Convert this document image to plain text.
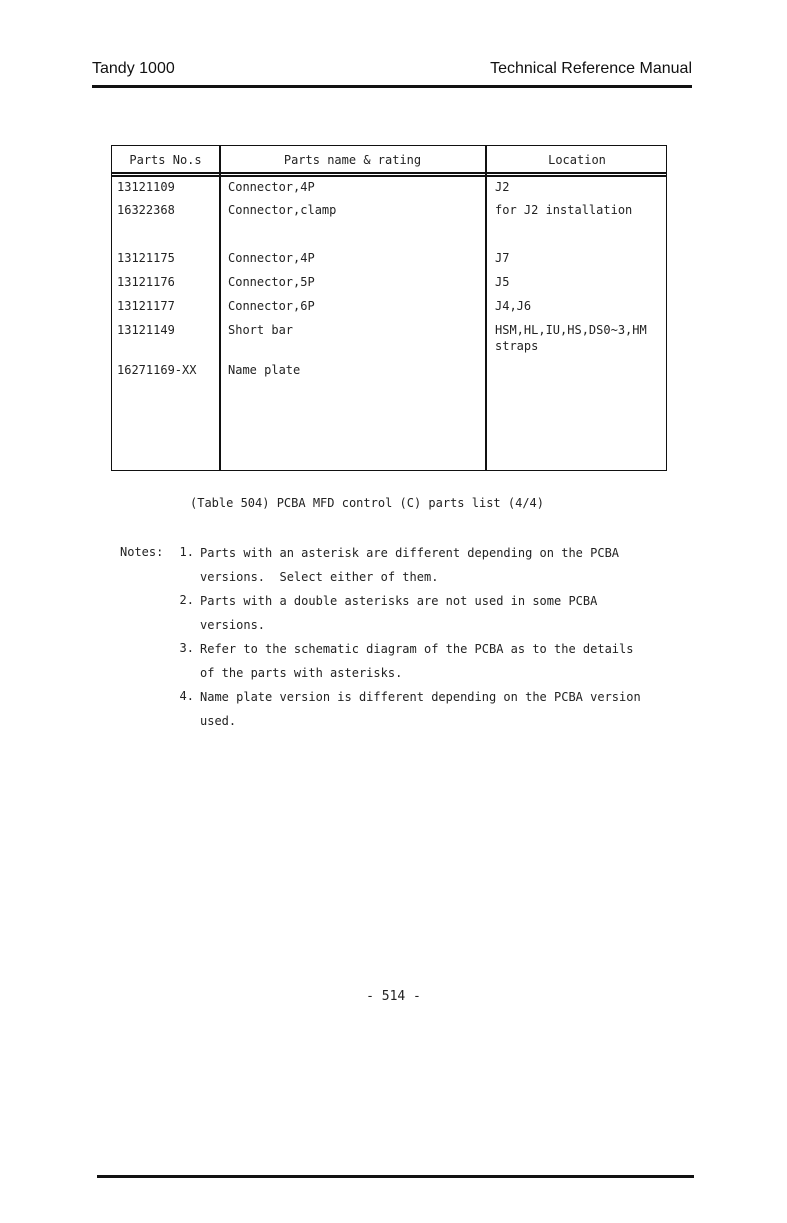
Tandy 1000	Technical Reference Manual
Parts No.s	Parts name & rating	Location
13121109	Connector,4P	J2
16322368	Connector,clamp	for J2 installation
13121175	Connector,4P	J7
13121176	Connector,5P	J5
13121177	Connector,6P	J4,J6
13121149	Short bar	HSM,HL,IU,HS,DS0~3,HM straps
16271169-XX	Name plate
(Table 504) PCBA MFD control (C) parts list (4/4)
Notes:	1. Parts with an asterisk are different depending on the PCBA
versions.  Select either of them.
2. Parts with a double asterisks are not used in some PCBA
versions.
3. Refer to the schematic diagram of the PCBA as to the details
of the parts with asterisks.
4. Name plate version is different depending on the PCBA version
used.
- 514 -
